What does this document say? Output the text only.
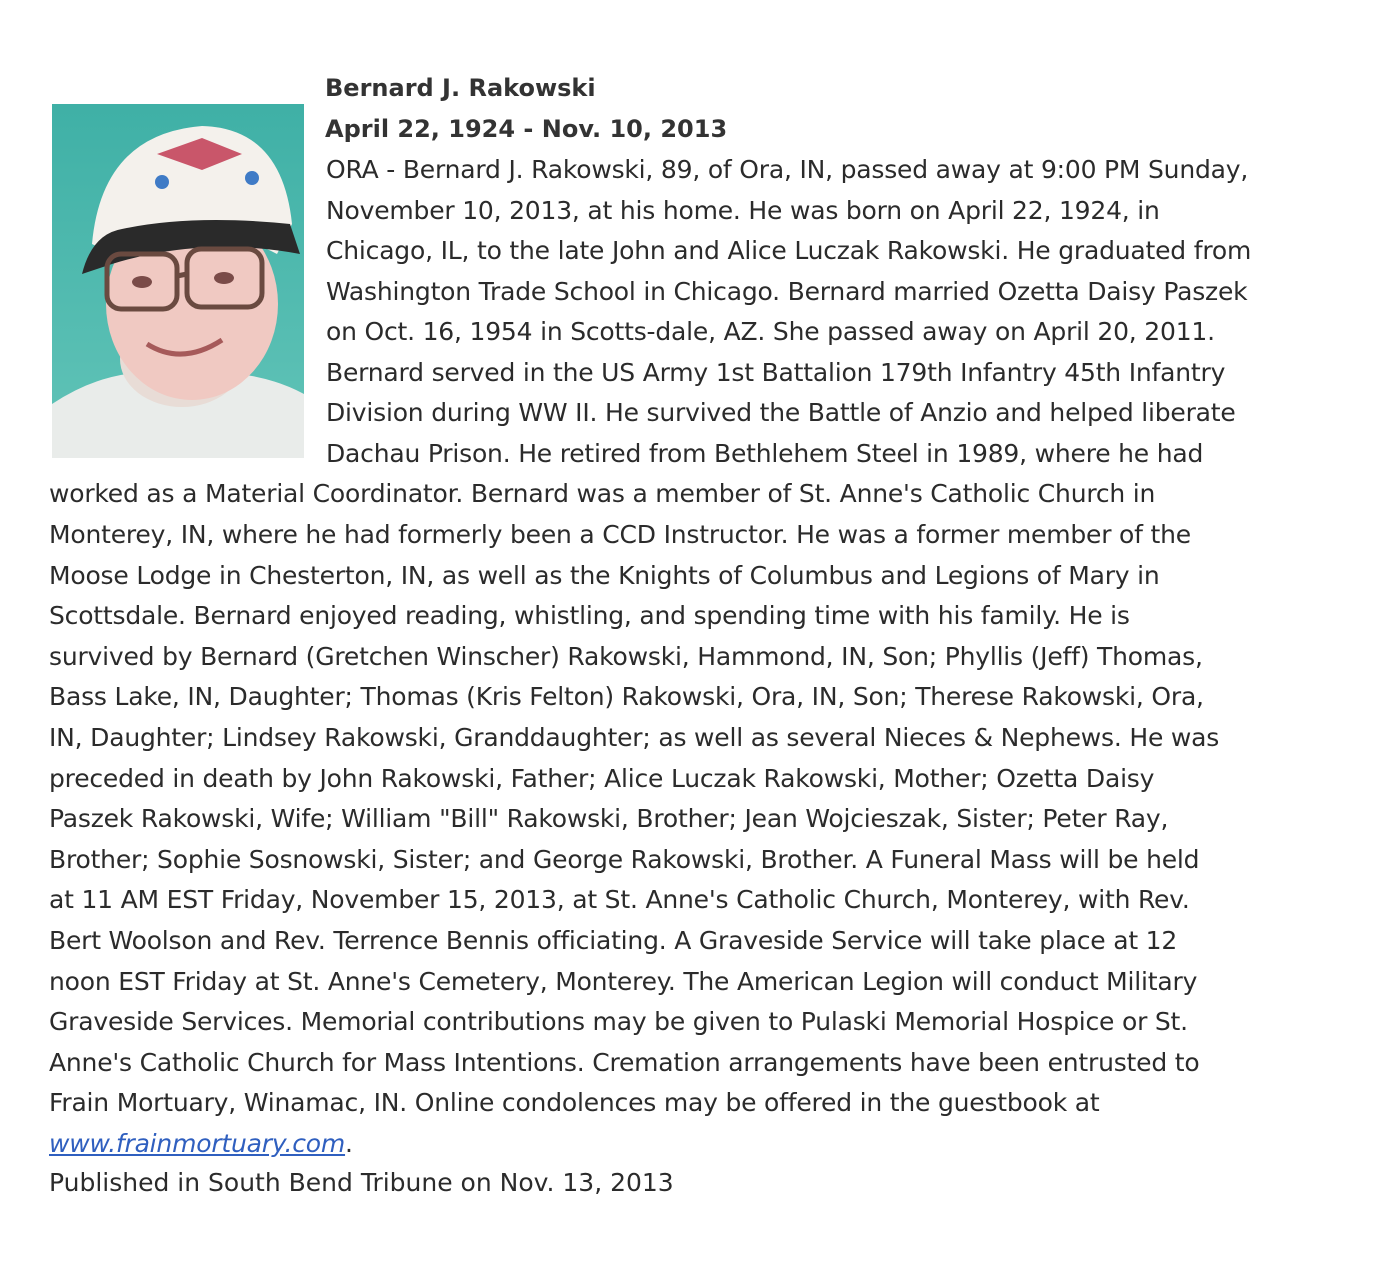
Bernard J. Rakowski
April 22, 1924 - Nov. 10, 2013
ORA - Bernard J. Rakowski, 89, of Ora, IN, passed away at 9:00 PM Sunday,
November 10, 2013, at his home. He was born on April 22, 1924, in
Chicago, IL, to the late John and Alice Luczak Rakowski. He graduated from
Washington Trade School in Chicago. Bernard married Ozetta Daisy Paszek
on Oct. 16, 1954 in Scotts-dale, AZ. She passed away on April 20, 2011.
Bernard served in the US Army 1st Battalion 179th Infantry 45th Infantry
Division during WW II. He survived the Battle of Anzio and helped liberate
Dachau Prison. He retired from Bethlehem Steel in 1989, where he had
worked as a Material Coordinator. Bernard was a member of St. Anne's Catholic Church in
Monterey, IN, where he had formerly been a CCD Instructor. He was a former member of the
Moose Lodge in Chesterton, IN, as well as the Knights of Columbus and Legions of Mary in
Scottsdale. Bernard enjoyed reading, whistling, and spending time with his family. He is
survived by Bernard (Gretchen Winscher) Rakowski, Hammond, IN, Son; Phyllis (Jeff) Thomas,
Bass Lake, IN, Daughter; Thomas (Kris Felton) Rakowski, Ora, IN, Son; Therese Rakowski, Ora,
IN, Daughter; Lindsey Rakowski, Granddaughter; as well as several Nieces & Nephews. He was
preceded in death by John Rakowski, Father; Alice Luczak Rakowski, Mother; Ozetta Daisy
Paszek Rakowski, Wife; William "Bill" Rakowski, Brother; Jean Wojcieszak, Sister; Peter Ray,
Brother; Sophie Sosnowski, Sister; and George Rakowski, Brother. A Funeral Mass will be held
at 11 AM EST Friday, November 15, 2013, at St. Anne's Catholic Church, Monterey, with Rev.
Bert Woolson and Rev. Terrence Bennis officiating. A Graveside Service will take place at 12
noon EST Friday at St. Anne's Cemetery, Monterey. The American Legion will conduct Military
Graveside Services. Memorial contributions may be given to Pulaski Memorial Hospice or St.
Anne's Catholic Church for Mass Intentions. Cremation arrangements have been entrusted to
Frain Mortuary, Winamac, IN. Online condolences may be offered in the guestbook at
www.frainmortuary.com.
Published in South Bend Tribune on Nov. 13, 2013
